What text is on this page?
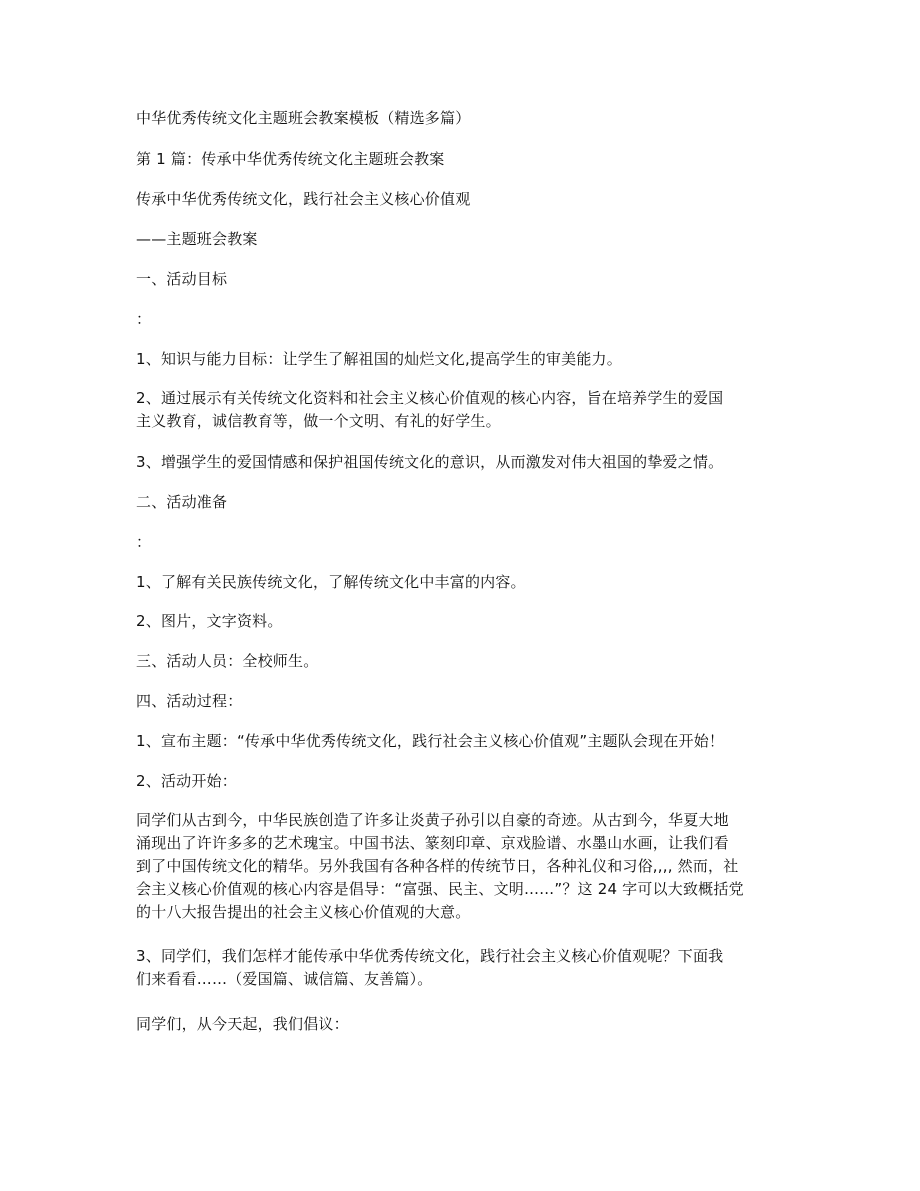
中华优秀传统文化主题班会教案模板（精选多篇）
第 1 篇：传承中华优秀传统文化主题班会教案
传承中华优秀传统文化，践行社会主义核心价值观
——主题班会教案
一、活动目标
：
1、知识与能力目标：让学生了解祖国的灿烂文化,提高学生的审美能力。
2、通过展示有关传统文化资料和社会主义核心价值观的核心内容，旨在培养学生的爱国
主义教育，诚信教育等，做一个文明、有礼的好学生。
3、增强学生的爱国情感和保护祖国传统文化的意识，从而激发对伟大祖国的挚爱之情。
二、活动准备
：
1、了解有关民族传统文化，了解传统文化中丰富的内容。
2、图片，文字资料。
三、活动人员：全校师生。
四、活动过程：
1、宣布主题：“传承中华优秀传统文化，践行社会主义核心价值观”主题队会现在开始！
2、活动开始：
同学们从古到今，中华民族创造了许多让炎黄子孙引以自豪的奇迹。从古到今，华夏大地
涌现出了许许多多的艺术瑰宝。中国书法、篆刻印章、京戏脸谱、水墨山水画，让我们看
到了中国传统文化的精华。另外我国有各种各样的传统节日，各种礼仪和习俗,,,, 然而，社
会主义核心价值观的核心内容是倡导：“富强、民主、文明……”？这 24 字可以大致概括党
的十八大报告提出的社会主义核心价值观的大意。
3、同学们，我们怎样才能传承中华优秀传统文化，践行社会主义核心价值观呢？下面我
们来看看……（爱国篇、诚信篇、友善篇）。
同学们，从今天起，我们倡议：
